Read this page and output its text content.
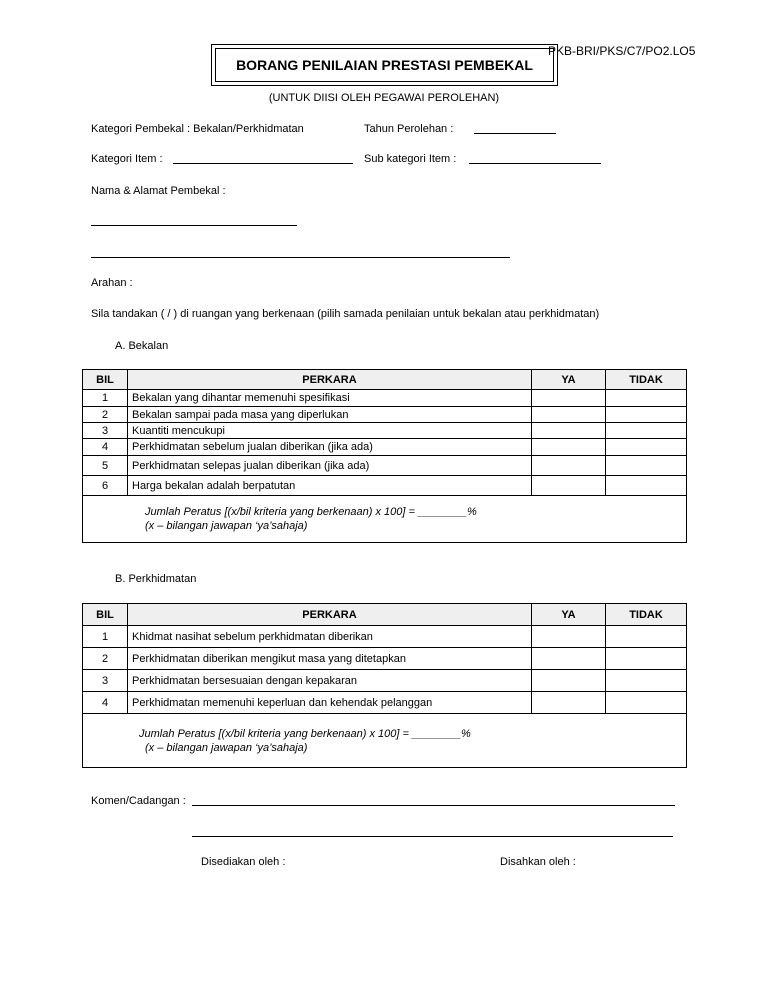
PKB-BRI/PKS/C7/PO2.LO5
BORANG PENILAIAN PRESTASI PEMBEKAL
(UNTUK DIISI OLEH PEGAWAI PEROLEHAN)
Kategori Pembekal : Bekalan/Perkhidmatan	Tahun Perolehan :
Kategori Item :	Sub kategori Item :
Nama & Alamat Pembekal :
Arahan :
Sila tandakan ( / ) di ruangan yang berkenaan (pilih samada penilaian untuk bekalan atau perkhidmatan)
A. Bekalan
BIL	PERKARA	YA	TIDAK
1	Bekalan yang dihantar memenuhi spesifikasi		
2	Bekalan sampai pada masa yang diperlukan		
3	Kuantiti mencukupi		
4	Perkhidmatan sebelum jualan diberikan (jika ada)		
5	Perkhidmatan selepas jualan diberikan (jika ada)		
6	Harga bekalan adalah berpatutan		

Jumlah Peratus [(x/bil kriteria yang berkenaan) x 100] = ________%
(x – bilangan jawapan ‘ya’sahaja)			
B. Perkhidmatan
BIL	PERKARA	YA	TIDAK
1	Khidmat nasihat sebelum perkhidmatan diberikan		
2	Perkhidmatan diberikan mengikut masa yang ditetapkan		
3	Perkhidmatan bersesuaian dengan kepakaran		
4	Perkhidmatan memenuhi keperluan dan kehendak pelanggan		

Jumlah Peratus [(x/bil kriteria yang berkenaan) x 100] = ________%
(x – bilangan jawapan ‘ya’sahaja)			
Komen/Cadangan :
Disediakan oleh :	Disahkan oleh :
